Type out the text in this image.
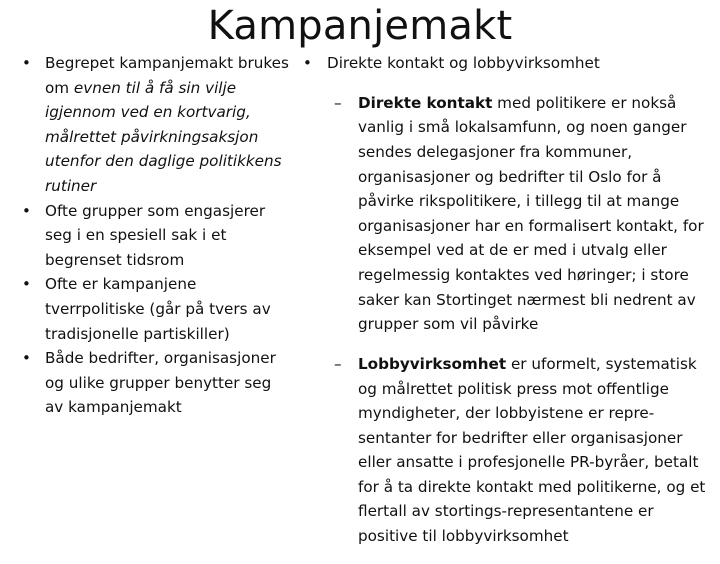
Kampanjemakt

• Begrepet kampanjemakt brukes om evnen til å få sin vilje igjennom ved en kortvarig, målrettet påvirkningsaksjon utenfor den daglige politikkens rutiner

• Ofte grupper som engasjerer seg i en spesiell sak i et begrenset tidsrom

• Ofte er kampanjene tverrpolitiske (går på tvers av tradisjonelle partiskiller)

• Både bedrifter, organisasjoner og ulike grupper benytter seg av kampanjemakt

• Direkte kontakt og lobbyvirksomhet

– Direkte kontakt med politikere er nokså vanlig i små lokalsamfunn, og noen ganger sendes delegasjoner fra kommuner, organisasjoner og bedrifter til Oslo for å påvirke rikspolitikere, i tillegg til at mange organisasjoner har en formalisert kontakt, for eksempel ved at de er med i utvalg eller regelmessig kontaktes ved høringer; i store saker kan Stortinget nærmest bli nedrent av grupper som vil påvirke

– Lobbyvirksomhet er uformelt, systematisk og målrettet politisk press mot offentlige myndigheter, der lobbyistene er repre-sentanter for bedrifter eller organisasjoner eller ansatte i profesjonelle PR-byråer, betalt for å ta direkte kontakt med politikerne, og et flertall av stortings-representantene er positive til lobbyvirksomhet
